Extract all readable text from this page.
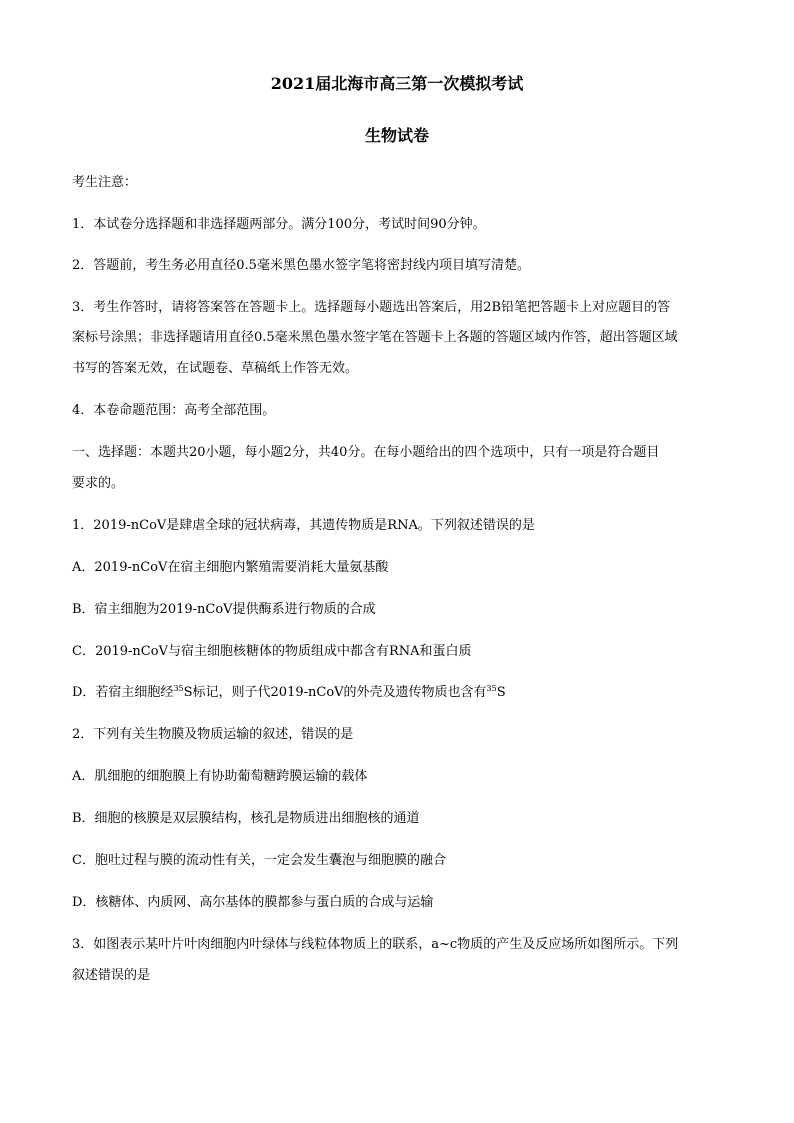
2021届北海市高三第一次模拟考试
生物试卷
考生注意：
1．本试卷分选择题和非选择题两部分。满分100分，考试时间90分钟。
2．答题前，考生务必用直径0.5毫米黑色墨水签字笔将密封线内项目填写清楚。
3．考生作答时，请将答案答在答题卡上。选择题每小题选出答案后，用2B铅笔把答题卡上对应题目的答
案标号涂黑；非选择题请用直径0.5毫米黑色墨水签字笔在答题卡上各题的答题区域内作答，超出答题区域
书写的答案无效，在试题卷、草稿纸上作答无效。
4．本卷命题范围：高考全部范围。
一、选择题：本题共20小题，每小题2分，共40分。在每小题给出的四个选项中，只有一项是符合题目
要求的。
1．2019-nCoV是肆虐全球的冠状病毒，其遗传物质是RNA。下列叙述错误的是
A．2019-nCoV在宿主细胞内繁殖需要消耗大量氨基酸
B．宿主细胞为2019-nCoV提供酶系进行物质的合成
C．2019-nCoV与宿主细胞核糖体的物质组成中都含有RNA和蛋白质
D．若宿主细胞经$^{35}$S标记，则子代2019-nCoV的外壳及遗传物质也含有$^{35}$S
2．下列有关生物膜及物质运输的叙述，错误的是
A．肌细胞的细胞膜上有协助葡萄糖跨膜运输的载体
B．细胞的核膜是双层膜结构，核孔是物质进出细胞核的通道
C．胞吐过程与膜的流动性有关，一定会发生囊泡与细胞膜的融合
D．核糖体、内质网、高尔基体的膜都参与蛋白质的合成与运输
3．如图表示某叶片叶肉细胞内叶绿体与线粒体物质上的联系，a~c物质的产生及反应场所如图所示。下列
叙述错误的是
